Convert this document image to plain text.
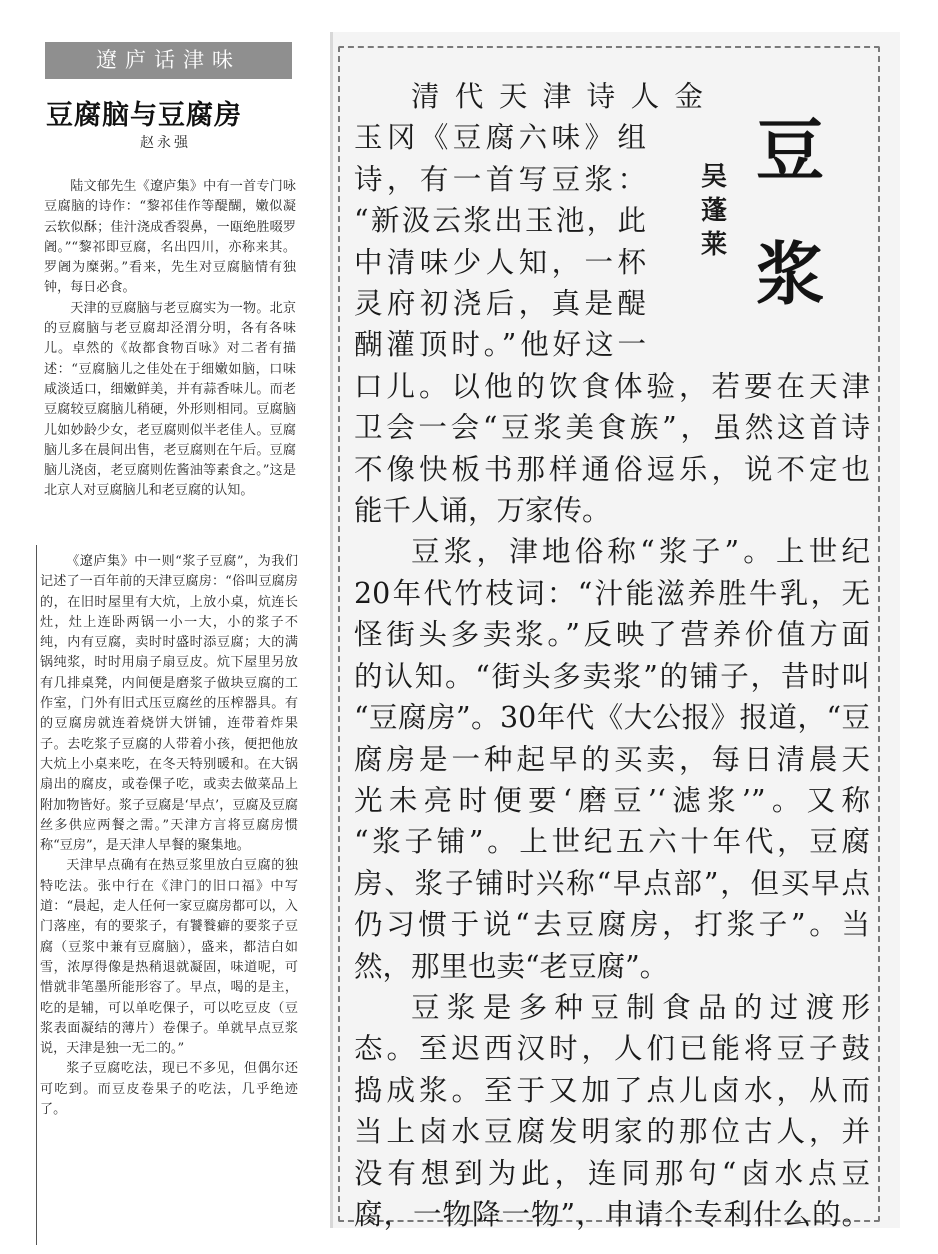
遼庐话津味
豆腐脑与豆腐房
赵永强

陆文郁先生《遼庐集》中有一首专门咏豆腐脑的诗作：“黎祁佳作等醍醐，嫩似凝云软似酥；佳汁浇成香裂鼻，一瓯绝胜啜罗阇。”“黎祁即豆腐，名出四川，亦称来其。罗阇为糜粥。”看来，先生对豆腐脑情有独钟，每日必食。

天津的豆腐脑与老豆腐实为一物。北京的豆腐脑与老豆腐却泾渭分明，各有各味儿。卓然的《故都食物百咏》对二者有描述：“豆腐脑儿之佳处在于细嫩如脑，口味咸淡适口，细嫩鲜美，并有蒜香味儿。而老豆腐较豆腐脑儿稍硬，外形则相同。豆腐脑儿如妙龄少女，老豆腐则似半老佳人。豆腐脑儿多在晨间出售，老豆腐则在午后。豆腐脑儿浇卤，老豆腐则佐酱油等素食之。”这是北京人对豆腐脑儿和老豆腐的认知。

《遼庐集》中一则“浆子豆腐”，为我们记述了一百年前的天津豆腐房：“俗叫豆腐房的，在旧时屋里有大炕，上放小桌，炕连长灶，灶上连卧两锅一小一大，小的浆子不纯，内有豆腐，卖时时盛时添豆腐；大的满锅纯浆，时时用扇子扇豆皮。炕下屋里另放有几排桌凳，内间便是磨浆子做块豆腐的工作室，门外有旧式压豆腐丝的压榨器具。有的豆腐房就连着烧饼大饼铺，连带着炸果子。去吃浆子豆腐的人带着小孩，便把他放大炕上小桌来吃，在冬天特别暖和。在大锅扇出的腐皮，或卷倮子吃，或卖去做菜品上附加物皆好。浆子豆腐是‘早点’，豆腐及豆腐丝多供应两餐之需。”天津方言将豆腐房惯称“豆房”，是天津人早餐的聚集地。

天津早点确有在热豆浆里放白豆腐的独特吃法。张中行在《津门的旧口福》中写道：“晨起，走人任何一家豆腐房都可以，入门落座，有的要浆子，有饕餮癖的要浆子豆腐（豆浆中兼有豆腐脑），盛来，都洁白如雪，浓厚得像是热稍退就凝固，味道呢，可惜就非笔墨所能形容了。早点，喝的是主，吃的是辅，可以单吃倮子，可以吃豆皮（豆浆表面凝结的薄片）卷倮子。单就早点豆浆说，天津是独一无二的。”

浆子豆腐吃法，现已不多见，但偶尔还可吃到。而豆皮卷果子的吃法，几乎绝迹了。

豆
浆
吴蓬莱
清代天津诗人金
玉冈《豆腐六味》组
诗，有一首写豆浆：
“新汲云浆出玉池，此
中清味少人知，一杯
灵府初浇后，真是醍
醐灌顶时。”他好这一
口儿。以他的饮食体验，若要在天津
卫会一会“豆浆美食族”，虽然这首诗
不像快板书那样通俗逗乐，说不定也
能千人诵，万家传。
豆浆，津地俗称“浆子”。上世纪
20年代竹枝词：“汁能滋养胜牛乳，无
怪街头多卖浆。”反映了营养价值方面
的认知。“街头多卖浆”的铺子，昔时叫
“豆腐房”。30年代《大公报》报道，“豆
腐房是一种起早的买卖，每日清晨天
光未亮时便要‘磨豆’‘滤浆’”。又称
“浆子铺”。上世纪五六十年代，豆腐
房、浆子铺时兴称“早点部”，但买早点
仍习惯于说“去豆腐房，打浆子”。当
然，那里也卖“老豆腐”。
豆浆是多种豆制食品的过渡形
态。至迟西汉时，人们已能将豆子鼓
捣成浆。至于又加了点儿卤水，从而
当上卤水豆腐发明家的那位古人，并
没有想到为此，连同那句“卤水点豆
腐，一物降一物”，申请个专利什么的。
